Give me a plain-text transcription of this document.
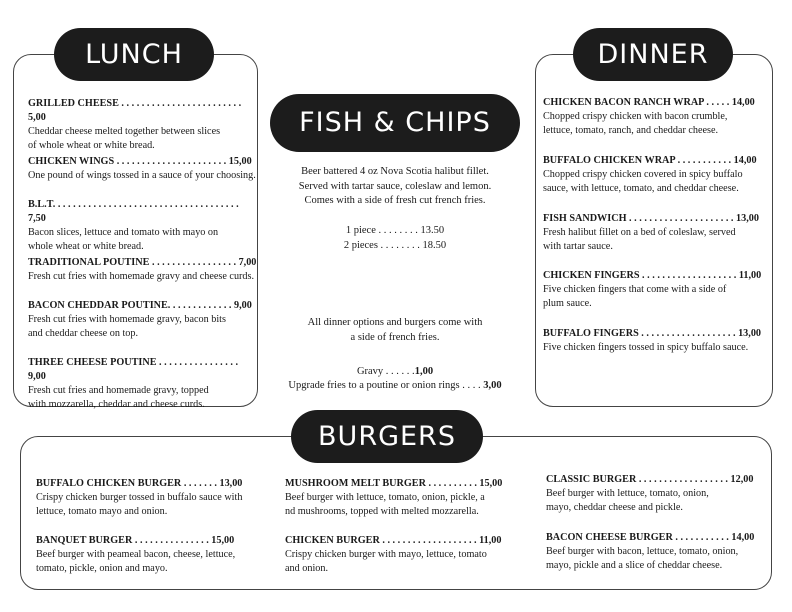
LUNCH
GRILLED CHEESE . . . . . . . . . . . . . . . . . . . . . . . . 5,00
Cheddar cheese melted together between slices
of whole wheat or white bread.
CHICKEN WINGS . . . . . . . . . . . . . . . . . . . . . . 15,00
One pound of wings tossed in a sauce of your choosing.
B.L.T. . . . . . . . . . . . . . . . . . . . . . . . . . . . . . . . . . . . . 7,50
Bacon slices, lettuce and tomato with mayo on
whole wheat or white bread.
TRADITIONAL POUTINE . . . . . . . . . . . . . . . . . 7,00
Fresh cut fries with homemade gravy and cheese curds.
BACON CHEDDAR POUTINE. . . . . . . . . . . . . 9,00
Fresh cut fries with homemade gravy, bacon bits
and cheddar cheese on top.
THREE CHEESE POUTINE . . . . . . . . . . . . . . . . 9,00
Fresh cut fries and homemade gravy, topped
with mozzarella, cheddar and cheese curds.
FISH & CHIPS
Beer battered 4 oz Nova Scotia halibut fillet.
Served with tartar sauce, coleslaw and lemon.
Comes with a side of fresh cut french fries.
1 piece . . . . . . . . 13.50
2 pieces . . . . . . . . 18.50
All dinner options and burgers come with
a side of french fries.

Gravy . . . . . .1,00

Upgrade fries to a poutine or onion rings . . . . 3,00

DINNER
CHICKEN BACON RANCH WRAP . . . . . 14,00
Chopped crispy chicken with bacon crumble,
lettuce, tomato, ranch, and cheddar cheese.
BUFFALO CHICKEN WRAP . . . . . . . . . . . 14,00
Chopped crispy chicken covered in spicy buffalo
sauce, with lettuce, tomato, and cheddar cheese.
FISH SANDWICH . . . . . . . . . . . . . . . . . . . . . 13,00
Fresh halibut fillet on a bed of coleslaw, served
with tartar sauce.
CHICKEN FINGERS . . . . . . . . . . . . . . . . . . . 11,00
Five chicken fingers that come with a side of
plum sauce.
BUFFALO FINGERS . . . . . . . . . . . . . . . . . . . 13,00
Five chicken fingers tossed in spicy buffalo sauce.
BURGERS
BUFFALO CHICKEN BURGER . . . . . . . 13,00
Crispy chicken burger tossed in buffalo sauce with
lettuce, tomato mayo and onion.
BANQUET BURGER . . . . . . . . . . . . . . . 15,00
Beef burger with peameal bacon, cheese, lettuce,
tomato, pickle, onion and mayo.
MUSHROOM MELT BURGER . . . . . . . . . . 15,00
Beef burger with lettuce, tomato, onion, pickle, a
nd mushrooms, topped with melted mozzarella.
CHICKEN BURGER . . . . . . . . . . . . . . . . . . . 11,00
Crispy chicken burger with mayo, lettuce, tomato
and onion.
CLASSIC BURGER . . . . . . . . . . . . . . . . . . 12,00
Beef burger with lettuce, tomato, onion,
mayo, cheddar cheese and pickle.
BACON CHEESE BURGER . . . . . . . . . . . 14,00
Beef burger with bacon, lettuce, tomato, onion,
mayo, pickle and a slice of cheddar cheese.
